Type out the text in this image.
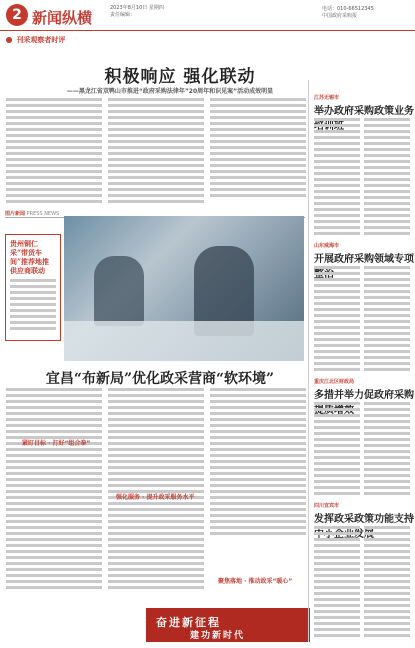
2 新闻纵横
2023年8月10日 星期四
责任编辑：
电话：010-66512345
中国政府采购报
刊采观察者时评
积极响应 强化联动
——黑龙江省双鸭山市推进“政府采购法律年”20周年和识见案”活动成效明显
图片新闻 PRESS NEWS
贵州铜仁采“带货车间”推荐地推供应商联动
宜昌“布新局”优化政采营商“软环境”
紧盯目标 · 打好“组合拳”
强化服务 · 提升政采服务水平
聚焦落地 · 推动政采“暖心”
奋进新征程
建功新时代
江苏无锡市
举办政府采购政策业务
山东威海市
开展政府采购领域专项
重庆江北区财政局
多措并举力促政府采购
四川宜宾市
发挥政采政策功能支持
